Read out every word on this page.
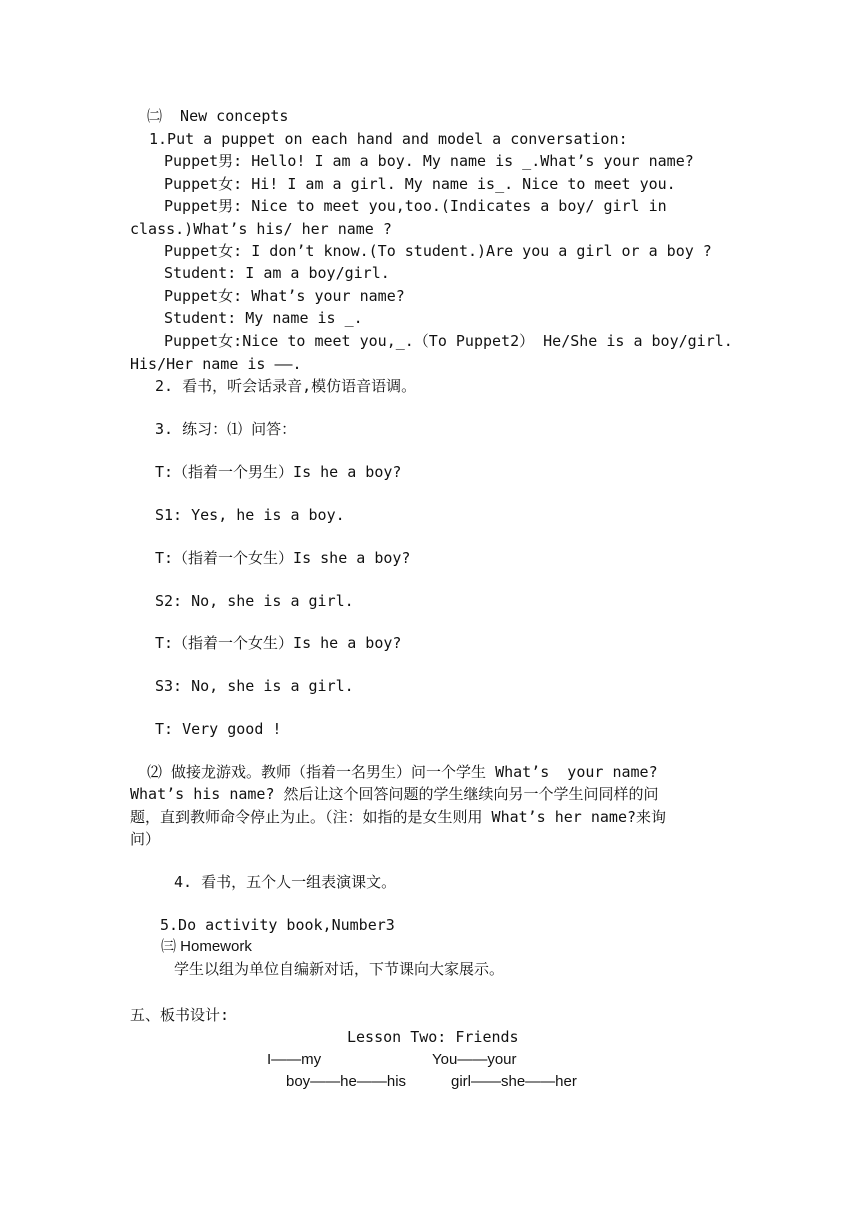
㈡  New concepts
1.Put a puppet on each hand and model a conversation:
Puppet男: Hello! I am a boy. My name is _.What’s your name?
Puppet女: Hi! I am a girl. My name is_. Nice to meet you.
Puppet男: Nice to meet you,too.(Indicates a boy/ girl in
class.)What’s his/ her name ?
Puppet女: I don’t know.(To student.)Are you a girl or a boy ?
Student: I am a boy/girl.
Puppet女: What’s your name?
Student: My name is _.
Puppet女:Nice to meet you,_.（To Puppet2） He/She is a boy/girl.
His/Her name is ——.
2. 看书，听会话录音,模仿语音语调。
3. 练习：⑴ 问答：
T:（指着一个男生）Is he a boy?
S1: Yes, he is a boy.
T:（指着一个女生）Is she a boy?
S2: No, she is a girl.
T:（指着一个女生）Is he a boy?
S3: No, she is a girl.
T: Very good !
⑵ 做接龙游戏。教师（指着一名男生）问一个学生 What’s  your name?
What’s his name? 然后让这个回答问题的学生继续向另一个学生问同样的问
题，直到教师命令停止为止。（注：如指的是女生则用 What’s her name?来询
问）
4. 看书，五个人一组表演课文。
5.Do activity book,Number3
㈢ Homework
学生以组为单位自编新对话，下节课向大家展示。
五、板书设计:
Lesson Two: Friends
I——my	You——your
boy——he——his	girl——she——her
